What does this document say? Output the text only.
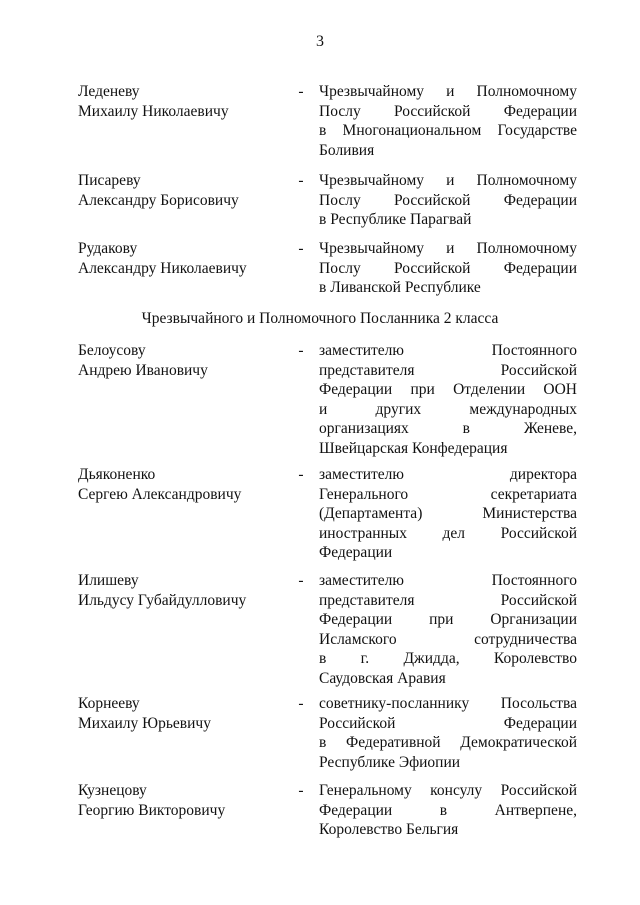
3
Леденеву
Михаилу Николаевичу
- Чрезвычайному и Полномочному
Послу Российской Федерации
в Многонациональном Государстве
Боливия
Писареву
Александру Борисовичу
- Чрезвычайному и Полномочному
Послу Российской Федерации
в Республике Парагвай
Рудакову
Александру Николаевичу
- Чрезвычайному и Полномочному
Послу Российской Федерации
в Ливанской Республике
Чрезвычайного и Полномочного Посланника 2 класса
Белоусову
Андрею Ивановичу
- заместителю Постоянного
представителя Российской
Федерации при Отделении ООН
и других международных
организациях в Женеве,
Швейцарская Конфедерация
Дьяконенко
Сергею Александровичу
- заместителю директора
Генерального секретариата
(Департамента) Министерства
иностранных дел Российской
Федерации
Илишеву
Ильдусу Губайдулловичу
- заместителю Постоянного
представителя Российской
Федерации при Организации
Исламского сотрудничества
в г. Джидда, Королевство
Саудовская Аравия
Корнееву
Михаилу Юрьевичу
- советнику-посланнику Посольства
Российской Федерации
в Федеративной Демократической
Республике Эфиопии
Кузнецову
Георгию Викторовичу
- Генеральному консулу Российской
Федерации в Антверпене,
Королевство Бельгия
